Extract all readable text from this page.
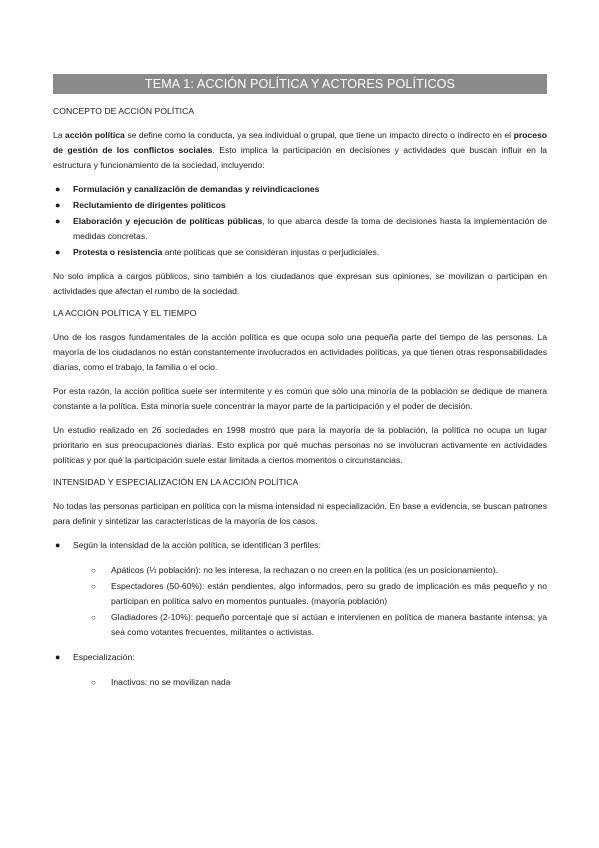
TEMA 1: ACCIÓN POLÍTICA Y ACTORES POLÍTICOS
CONCEPTO DE ACCIÓN POLÍTICA

La acción política se define como la conducta, ya sea individual o grupal, que tiene un impacto directo o indirecto en el proceso de gestión de los conflictos sociales. Esto implica la participación en decisiones y actividades que buscan influir en la estructura y funcionamiento de la sociedad, incluyendo:

● Formulación y canalización de demandas y reivindicaciones
● Reclutamiento de dirigentes políticos
● Elaboración y ejecución de políticas públicas, lo que abarca desde la toma de decisiones hasta la implementación de medidas concretas.
● Protesta o resistencia ante políticas que se consideran injustas o perjudiciales.

No solo implica a cargos públicos, sino también a los ciudadanos que expresan sus opiniones, se movilizan o participan en actividades que afectan el rumbo de la sociedad.

LA ACCIÓN POLÍTICA Y EL TIEMPO

Uno de los rasgos fundamentales de la acción política es que ocupa solo una pequeña parte del tiempo de las personas. La mayoría de los ciudadanos no están constantemente involucrados en actividades políticas, ya que tienen otras responsabilidades diarias, como el trabajo, la familia o el ocio.

Por esta razón, la acción política suele ser intermitente y es común que sólo una minoría de la población se dedique de manera constante a la política. Esta minoría suele concentrar la mayor parte de la participación y el poder de decisión.

Un estudio realizado en 26 sociedades en 1998 mostró que para la mayoría de la población, la política no ocupa un lugar prioritario en sus preocupaciones diarias. Esto explica por qué muchas personas no se involucran activamente en actividades políticas y por qué la participación suele estar limitada a ciertos momentos o circunstancias.

INTENSIDAD Y ESPECIALIZACIÓN EN LA ACCIÓN POLÍTICA

No todas las personas participan en política con la misma intensidad ni especialización. En base a evidencia, se buscan patrones para definir y sintetizar las características de la mayoría de los casos.

● Según la intensidad de la acción política, se identifican 3 perfiles:
○ Apáticos (⅓ población): no les interesa, la rechazan o no creen en la política (es un posicionamiento).
○ Espectadores (50-60%): están pendientes, algo informados, pero su grado de implicación es más pequeño y no participan en política salvo en momentos puntuales. (mayoría población)
○ Gladiadores (2-10%): pequeño porcentaje que sí actúan e intervienen en política de manera bastante intensa; ya sea como votantes frecuentes, militantes o activistas.
● Especialización:
○ Inactivos: no se movilizan nada
